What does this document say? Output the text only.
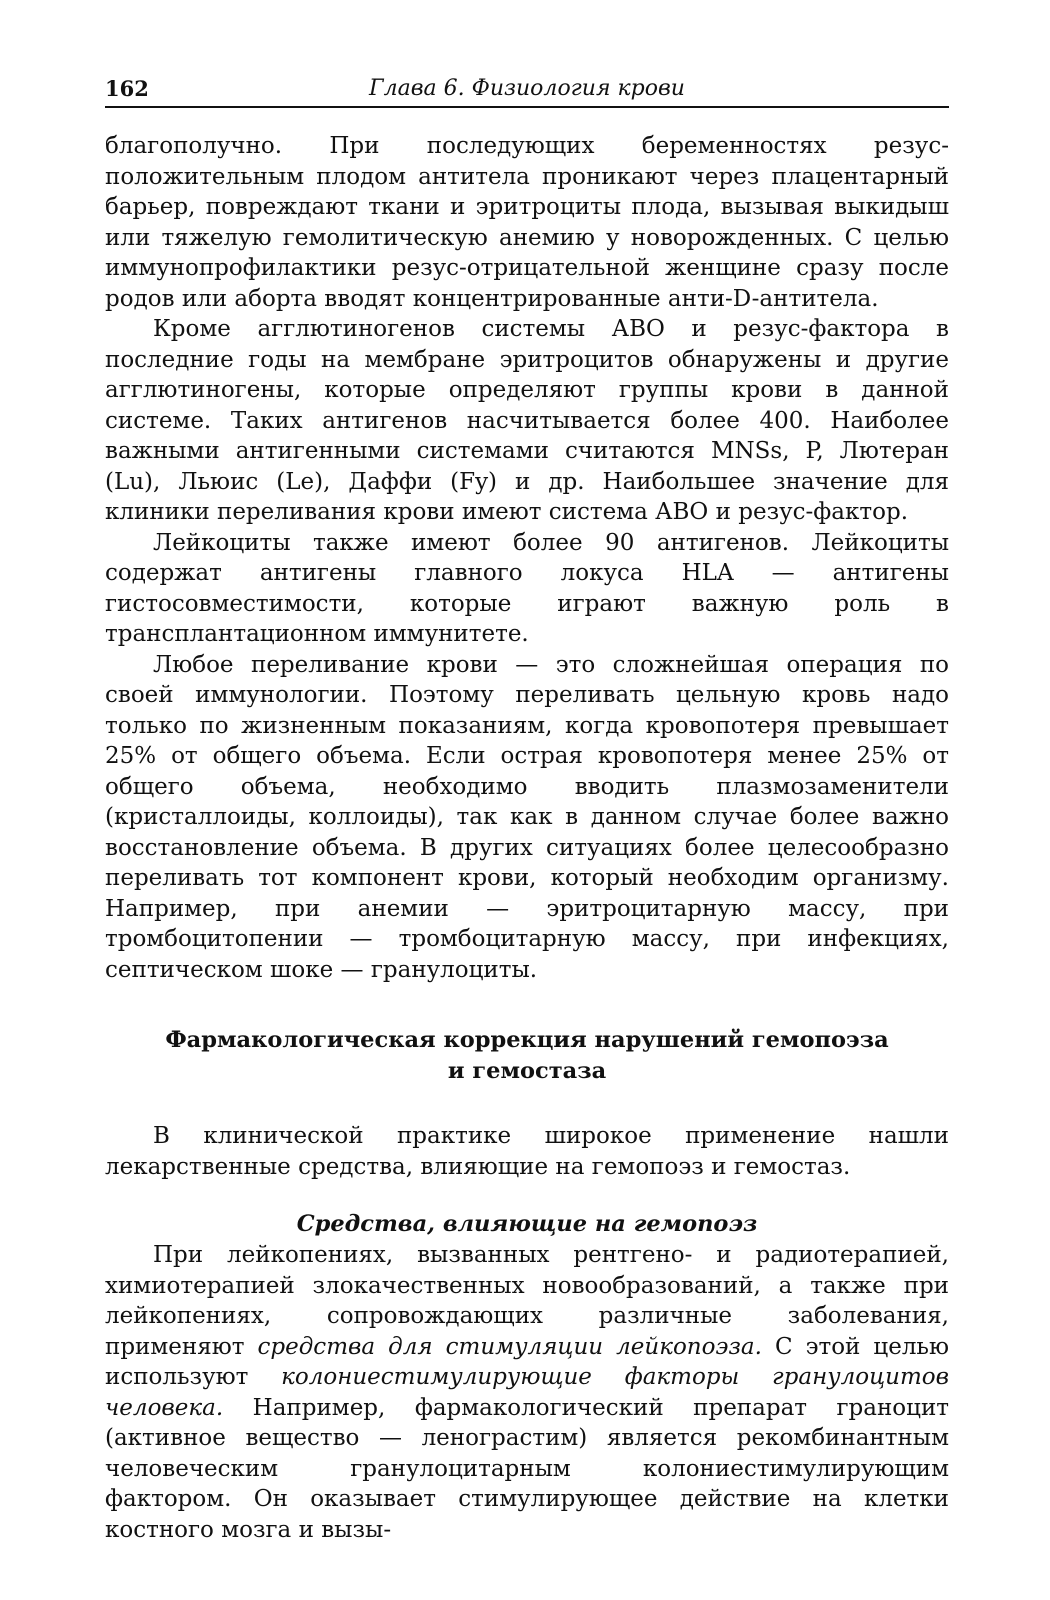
162	Глава 6. Физиология крови

благополучно. При последующих беременностях резус-положительным плодом антитела проникают через плацентарный барьер, повреждают ткани и эритроциты плода, вызывая выкидыш или тяжелую гемолитическую анемию у новорожденных. С целью иммунопрофилактики резус-отрицательной женщине сразу после родов или аборта вводят концентрированные анти-D-антитела.

Кроме агглютиногенов системы АВО и резус-фактора в последние годы на мембране эритроцитов обнаружены и другие агглютиногены, которые определяют группы крови в данной системе. Таких антигенов насчитывается более 400. Наиболее важными антигенными системами считаются MNSs, P, Лютеран (Lu), Льюис (Le), Даффи (Fy) и др. Наибольшее значение для клиники переливания крови имеют система АВО и резус-фактор.

Лейкоциты также имеют более 90 антигенов. Лейкоциты содержат антигены главного локуса HLA — антигены гистосовместимости, которые играют важную роль в трансплантационном иммунитете.

Любое переливание крови — это сложнейшая операция по своей иммунологии. Поэтому переливать цельную кровь надо только по жизненным показаниям, когда кровопотеря превышает 25% от общего объема. Если острая кровопотеря менее 25% от общего объема, необходимо вводить плазмозаменители (кристаллоиды, коллоиды), так как в данном случае более важно восстановление объема. В других ситуациях более целесообразно переливать тот компонент крови, который необходим организму. Например, при анемии — эритроцитарную массу, при тромбоцитопении — тромбоцитарную массу, при инфекциях, септическом шоке — гранулоциты.

Фармакологическая коррекция нарушений гемопоэза
и гемостаза

В клинической практике широкое применение нашли лекарственные средства, влияющие на гемопоэз и гемостаз.

Средства, влияющие на гемопоэз

При лейкопениях, вызванных рентгено- и радиотерапией, химиотерапией злокачественных новообразований, а также при лейкопениях, сопровождающих различные заболевания, применяют средства для стимуляции лейкопоэза. С этой целью используют колониестимулирующие факторы гранулоцитов человека. Например, фармакологический препарат граноцит (активное вещество — ленограстим) является рекомбинантным человеческим гранулоцитарным колониестимулирующим фактором. Он оказывает стимулирующее действие на клетки костного мозга и вызы-
